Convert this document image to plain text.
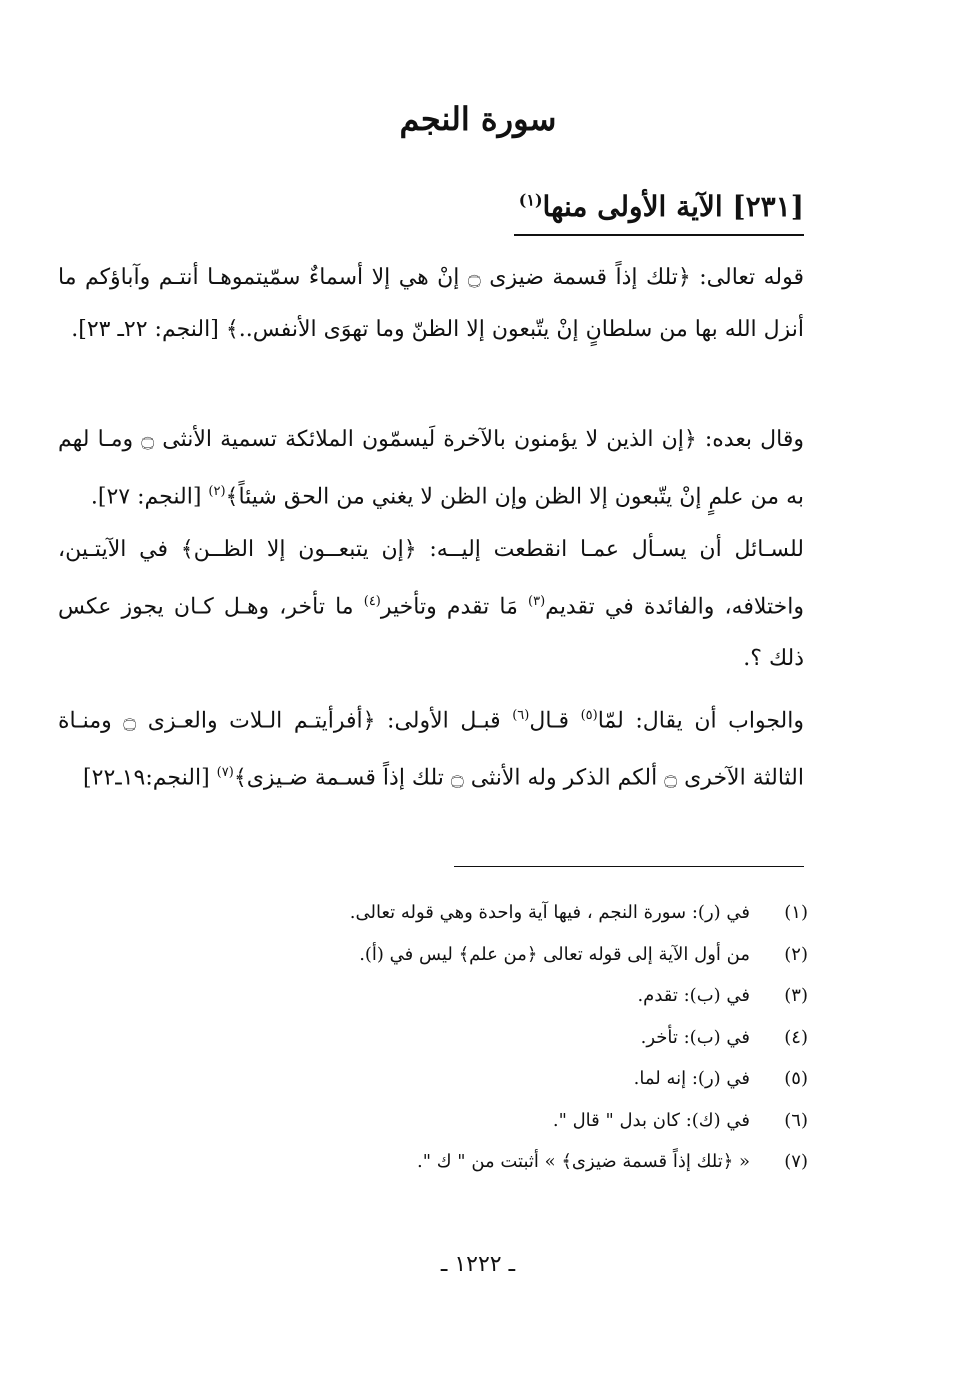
سورة النجم
[٢٣١] الآية الأولى منها$^{(١)}$

قوله تعالى: ﴿تلك إذاً قسمة ضيزى ۝ إنْ هي إلا أسماءٌ سمّيتموهـا أنتـم وآباؤكم ما أنزل الله بها من سلطانٍ إنْ يتّبعون إلا الظنّ وما تهوَى الأنفس..﴾ [النجم: ٢٢ـ ٢٣].

وقال بعده: ﴿إن الذين لا يؤمنون بالآخرة لَيسمّون الملائكة تسمية الأنثى ۝ ومـا لهم به من علمٍ إنْ يتّبعون إلا الظن وإن الظن لا يغني من الحق شيئاً﴾$^{(٢)}$ [النجم: ٢٧].

للسـائل أن يسـأل عمـا انقطعت إليــه: ﴿إن يتبعــون إلا الظــن﴾ في الآيتـين، واختلافه، والفائدة في تقديم$^{(٣)}$ مَا تقدم وتأخير$^{(٤)}$ ما تأخر، وهـل كـان يجوز عكس ذلك ؟.

والجواب أن يقال: لمّا$^{(٥)}$ قـال$^{(٦)}$ قبـل الأولى: ﴿أفرأيتـم الـلات والعـزى ۝ ومنـاة الثالثة الآخرى ۝ ألكم الذكر وله الأنثى ۝ تلك إذاً قسـمة ضـيزى﴾$^{(٧)}$ [النجم:١٩ـ٢٢]

(١)
في (ر): سورة النجم ، فيها آية واحدة وهي قوله تعالى.
(٢)
من أول الآية إلى قوله تعالى ﴿من علم﴾ ليس في (أ).
(٣)
في (ب): تقدم.
(٤)
في (ب): تأخر.
(٥)
في (ر): إنه لما.
(٦)
في (ك): كان بدل " قال ".
(٧)
« ﴿تلك إذاً قسمة ضيزى﴾ » أثبتت من " ك ".

ـ ١٢٢٢ ـ
